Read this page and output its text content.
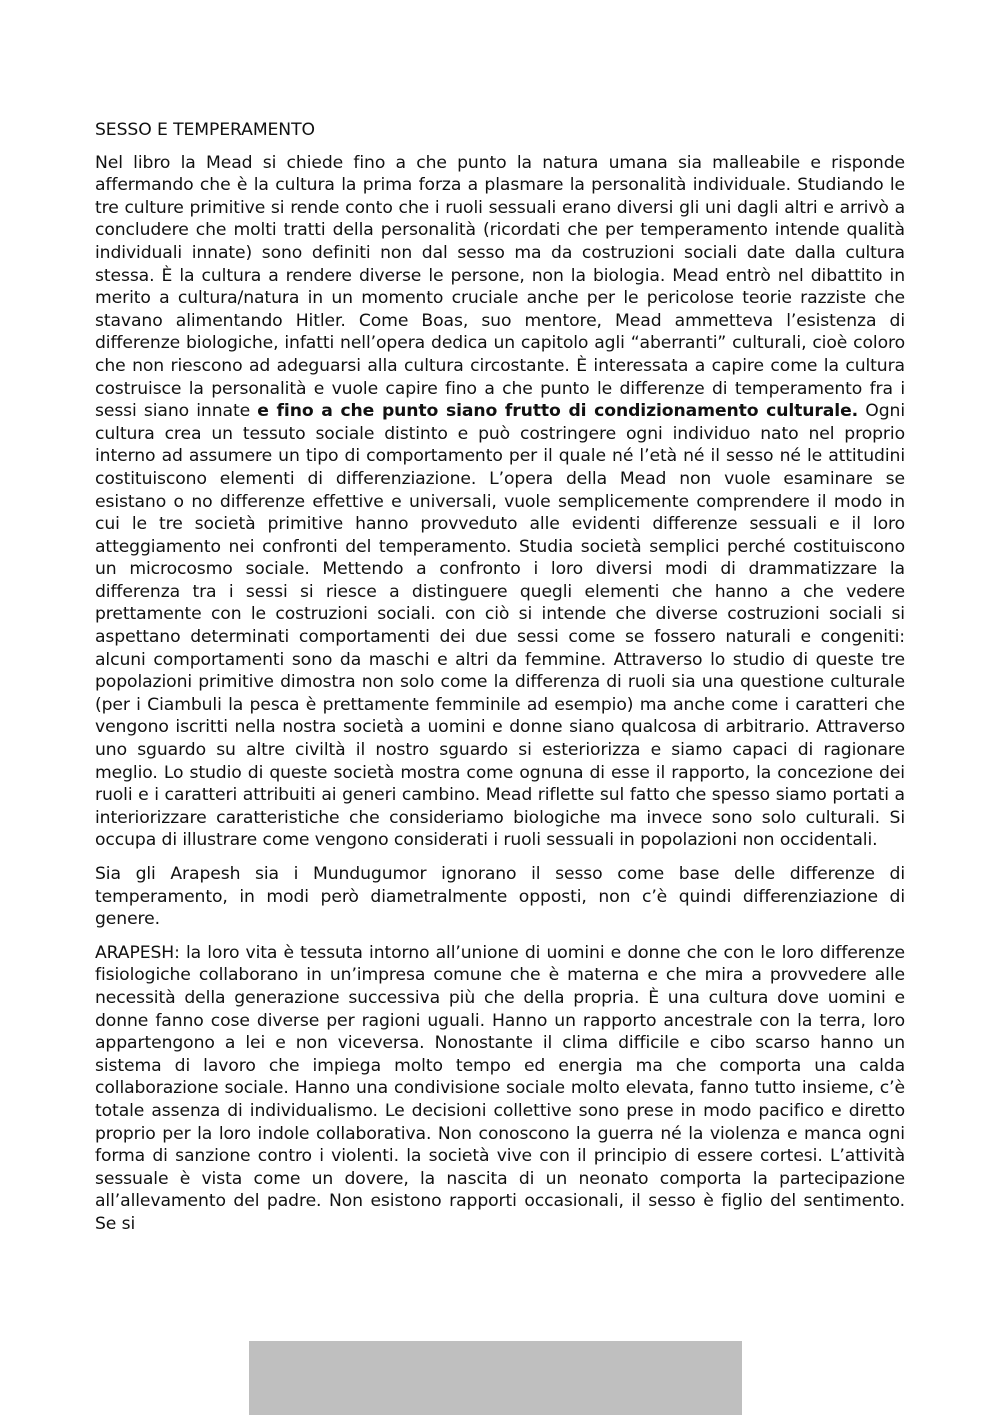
SESSO E TEMPERAMENTO

Nel libro la Mead si chiede fino a che punto la natura umana sia malleabile e risponde affermando che è la cultura la prima forza a plasmare la personalità individuale. Studiando le tre culture primitive si rende conto che i ruoli sessuali erano diversi gli uni dagli altri e arrivò a concludere che molti tratti della personalità (ricordati che per temperamento intende qualità individuali innate) sono definiti non dal sesso ma da costruzioni sociali date dalla cultura stessa. È la cultura a rendere diverse le persone, non la biologia. Mead entrò nel dibattito in merito a cultura/natura in un momento cruciale anche per le pericolose teorie razziste che stavano alimentando Hitler. Come Boas, suo mentore, Mead ammetteva l’esistenza di differenze biologiche, infatti nell’opera dedica un capitolo agli “aberranti” culturali, cioè coloro che non riescono ad adeguarsi alla cultura circostante. È interessata a capire come la cultura costruisce la personalità e vuole capire fino a che punto le differenze di temperamento fra i sessi siano innate e fino a che punto siano frutto di condizionamento culturale. Ogni cultura crea un tessuto sociale distinto e può costringere ogni individuo nato nel proprio interno ad assumere un tipo di comportamento per il quale né l’età né il sesso né le attitudini costituiscono elementi di differenziazione. L’opera della Mead non vuole esaminare se esistano o no differenze effettive e universali, vuole semplicemente comprendere il modo in cui le tre società primitive hanno provveduto alle evidenti differenze sessuali e il loro atteggiamento nei confronti del temperamento. Studia società semplici perché costituiscono un microcosmo sociale. Mettendo a confronto i loro diversi modi di drammatizzare la differenza tra i sessi si riesce a distinguere quegli elementi che hanno a che vedere prettamente con le costruzioni sociali. con ciò si intende che diverse costruzioni sociali si aspettano determinati comportamenti dei due sessi come se fossero naturali e congeniti: alcuni comportamenti sono da maschi e altri da femmine. Attraverso lo studio di queste tre popolazioni primitive dimostra non solo come la differenza di ruoli sia una questione culturale (per i Ciambuli la pesca è prettamente femminile ad esempio) ma anche come i caratteri che vengono iscritti nella nostra società a uomini e donne siano qualcosa di arbitrario. Attraverso uno sguardo su altre civiltà il nostro sguardo si esteriorizza e siamo capaci di ragionare meglio. Lo studio di queste società mostra come ognuna di esse il rapporto, la concezione dei ruoli e i caratteri attribuiti ai generi cambino. Mead riflette sul fatto che spesso siamo portati a interiorizzare caratteristiche che consideriamo biologiche ma invece sono solo culturali. Si occupa di illustrare come vengono considerati i ruoli sessuali in popolazioni non occidentali.

Sia gli Arapesh sia i Mundugumor ignorano il sesso come base delle differenze di temperamento, in modi però diametralmente opposti, non c’è quindi differenziazione di genere.

ARAPESH: la loro vita è tessuta intorno all’unione di uomini e donne che con le loro differenze fisiologiche collaborano in un’impresa comune che è materna e che mira a provvedere alle necessità della generazione successiva più che della propria. È una cultura dove uomini e donne fanno cose diverse per ragioni uguali. Hanno un rapporto ancestrale con la terra, loro appartengono a lei e non viceversa. Nonostante il clima difficile e cibo scarso hanno un sistema di lavoro che impiega molto tempo ed energia ma che comporta una calda collaborazione sociale. Hanno una condivisione sociale molto elevata, fanno tutto insieme, c’è totale assenza di individualismo. Le decisioni collettive sono prese in modo pacifico e diretto proprio per la loro indole collaborativa. Non conoscono la guerra né la violenza e manca ogni forma di sanzione contro i violenti. la società vive con il principio di essere cortesi. L’attività sessuale è vista come un dovere, la nascita di un neonato comporta la partecipazione all’allevamento del padre. Non esistono rapporti occasionali, il sesso è figlio del sentimento. Se si
